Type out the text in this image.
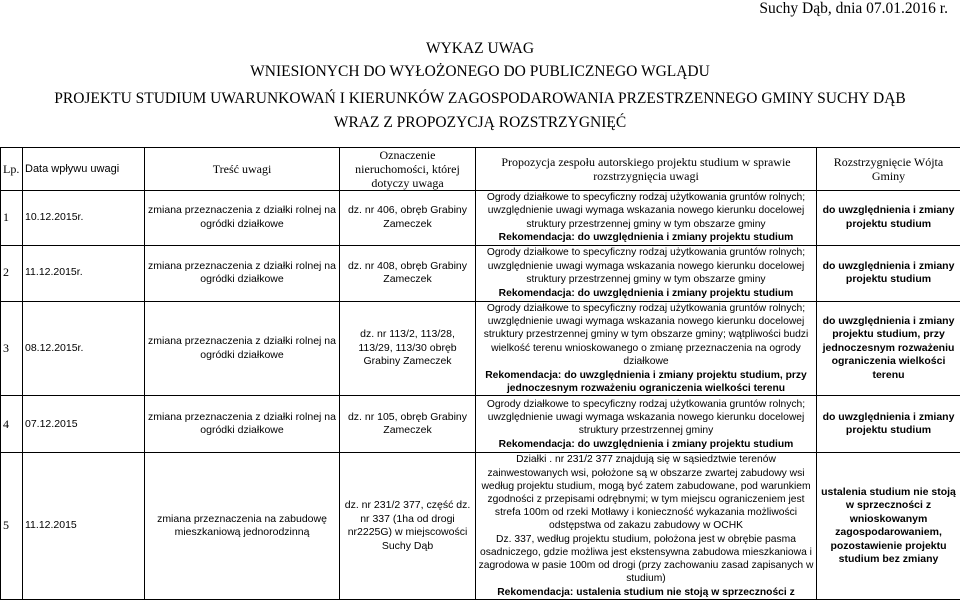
Suchy Dąb, dnia 07.01.2016 r.
WYKAZ UWAG
WNIESIONYCH DO WYŁOŻONEGO DO PUBLICZNEGO WGLĄDU
PROJEKTU STUDIUM UWARUNKOWAŃ I KIERUNKÓW ZAGOSPODAROWANIA PRZESTRZENNEGO GMINY SUCHY DĄB
WRAZ Z PROPOZYCJĄ ROZSTRZYGNIĘĆ
Lp.	Data wpływu uwagi	Treść uwagi	Oznaczenie nieruchomości, której dotyczy uwaga	Propozycja zespołu autorskiego projektu studium w sprawie rozstrzygnięcia uwagi	Rozstrzygnięcie Wójta Gminy
1	10.12.2015r.	zmiana przeznaczenia z działki rolnej na ogródki działkowe	dz. nr 406, obręb Grabiny Zameczek	Ogrody działkowe to specyficzny rodzaj użytkowania gruntów rolnych; uwzględnienie uwagi wymaga wskazania nowego kierunku docelowej struktury przestrzennej gminy w tym obszarze gminy
Rekomendacja: do uwzględnienia i zmiany projektu studium	do uwzględnienia i zmiany projektu studium
2	11.12.2015r.	zmiana przeznaczenia z działki rolnej na ogródki działkowe	dz. nr 408, obręb Grabiny Zameczek	Ogrody działkowe to specyficzny rodzaj użytkowania gruntów rolnych; uwzględnienie uwagi wymaga wskazania nowego kierunku docelowej struktury przestrzennej gminy w tym obszarze gminy
Rekomendacja: do uwzględnienia i zmiany projektu studium	do uwzględnienia i zmiany projektu studium
3	08.12.2015r.	zmiana przeznaczenia z działki rolnej na ogródki działkowe	dz. nr 113/2, 113/28, 113/29, 113/30 obręb Grabiny Zameczek	Ogrody działkowe to specyficzny rodzaj użytkowania gruntów rolnych; uwzględnienie uwagi wymaga wskazania nowego kierunku docelowej struktury przestrzennej gminy w tym obszarze gminy; wątpliwości budzi wielkość terenu wnioskowanego o zmianę przeznaczenia na ogrody działkowe
Rekomendacja: do uwzględnienia i zmiany projektu studium, przy jednoczesnym rozważeniu ograniczenia wielkości terenu	do uwzględnienia i zmiany projektu studium, przy jednoczesnym rozważeniu ograniczenia wielkości terenu
4	07.12.2015	zmiana przeznaczenia z działki rolnej na ogródki działkowe	dz. nr 105, obręb Grabiny Zameczek	Ogrody działkowe to specyficzny rodzaj użytkowania gruntów rolnych; uwzględnienie uwagi wymaga wskazania nowego kierunku docelowej struktury przestrzennej gminy
Rekomendacja: do uwzględnienia i zmiany projektu studium	do uwzględnienia i zmiany projektu studium
5	11.12.2015	zmiana przeznaczenia na zabudowę mieszkaniową jednorodzinną	dz. nr 231/2 377, część dz. nr 337 (1ha od drogi nr2225G) w miejscowości Suchy Dąb	Działki . nr 231/2 377 znajdują się w sąsiedztwie terenów zainwestowanych wsi, położone są w obszarze zwartej zabudowy wsi według projektu studium, mogą być zatem zabudowane, pod warunkiem zgodności z przepisami odrębnymi; w tym miejscu ograniczeniem jest strefa 100m od rzeki Motławy i konieczność wykazania możliwości odstępstwa od zakazu zabudowy w OCHK
Dz. 337, według projektu studium, położona jest w obrębie pasma osadniczego, gdzie możliwa jest ekstensywna zabudowa mieszkaniowa i zagrodowa w pasie 100m od drogi (przy zachowaniu zasad zapisanych w studium)
Rekomendacja: ustalenia studium nie stoją w sprzeczności z	ustalenia studium nie stoją w sprzeczności z wnioskowanym zagospodarowaniem, pozostawienie projektu studium bez zmiany
